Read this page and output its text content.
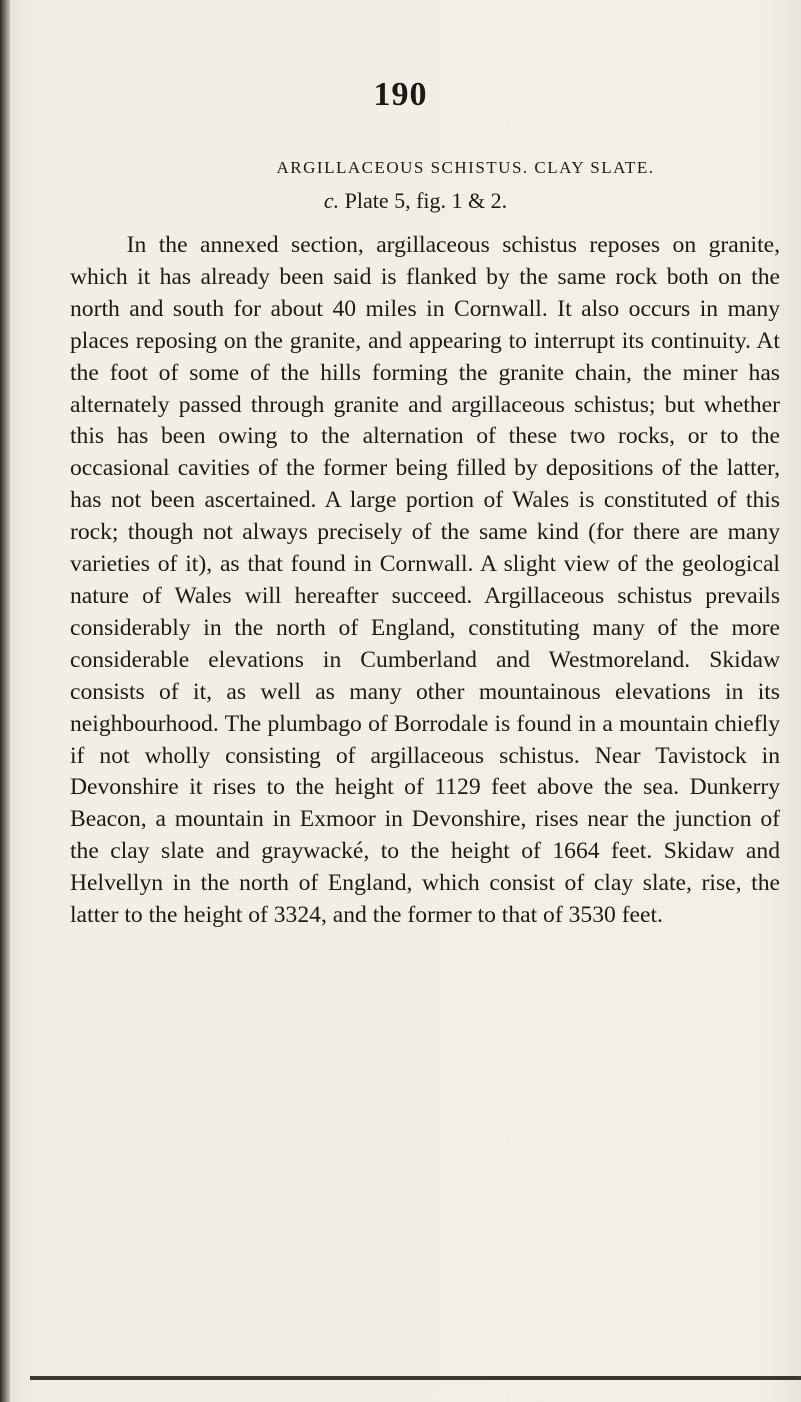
190
ARGILLACEOUS SCHISTUS. CLAY SLATE.
c. Plate 5, fig. 1 & 2.

In the annexed section, argillaceous schistus reposes on granite, which it has already been said is flanked by the same rock both on the north and south for about 40 miles in Cornwall. It also occurs in many places reposing on the granite, and appearing to interrupt its continuity. At the foot of some of the hills forming the granite chain, the miner has alternately passed through granite and argillaceous schistus; but whether this has been owing to the alternation of these two rocks, or to the occasional cavities of the former being filled by depositions of the latter, has not been ascertained. A large portion of Wales is constituted of this rock; though not always precisely of the same kind (for there are many varieties of it), as that found in Cornwall. A slight view of the geological nature of Wales will hereafter succeed. Argillaceous schistus prevails considerably in the north of England, constituting many of the more considerable elevations in Cumberland and Westmoreland. Skidaw consists of it, as well as many other mountainous elevations in its neighbourhood. The plumbago of Borrodale is found in a mountain chiefly if not wholly consisting of argillaceous schistus. Near Tavistock in Devonshire it rises to the height of 1129 feet above the sea. Dunkerry Beacon, a mountain in Exmoor in Devonshire, rises near the junction of the clay slate and graywacké, to the height of 1664 feet. Skidaw and Helvellyn in the north of England, which consist of clay slate, rise, the latter to the height of 3324, and the former to that of 3530 feet.
